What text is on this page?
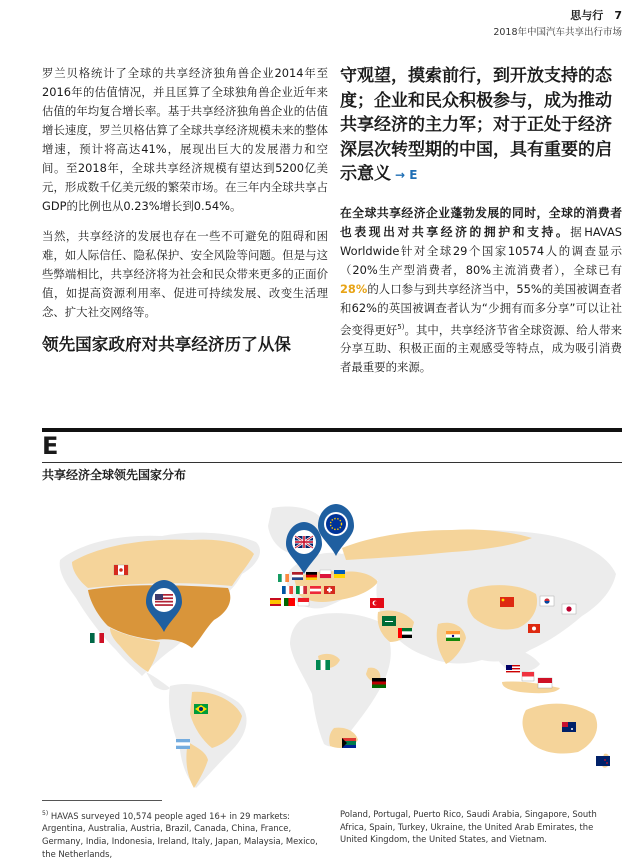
思与行 7
2018年中国汽车共享出行市场

罗兰贝格统计了全球的共享经济独角兽企业2014年至2016年的估值情况，并且匡算了全球独角兽企业近年来估值的年均复合增长率。基于共享经济独角兽企业的估值增长速度，罗兰贝格估算了全球共享经济规模未来的整体增速，预计将高达41%，展现出巨大的发展潜力和空间。至2018年，全球共享经济规模有望达到5200亿美元，形成数千亿美元级的繁荣市场。在三年内全球共享占GDP的比例也从0.23%增长到0.54%。

当然，共享经济的发展也存在一些不可避免的阻碍和困难，如人际信任、隐私保护、安全风险等问题。但是与这些弊端相比，共享经济将为社会和民众带来更多的正面价值，如提高资源利用率、促进可持续发展、改变生活理念、扩大社交网络等。

领先国家政府对共享经济历了从保

守观望，摸索前行，到开放支持的态度；企业和民众积极参与，成为推动共享经济的主力军；对于正处于经济深层次转型期的中国，具有重要的启示意义 → E

在全球共享经济企业蓬勃发展的同时，全球的消费者也表现出对共享经济的拥护和支持。据HAVAS Worldwide针对全球29个国家10574人的调查显示（20%生产型消费者，80%主流消费者），全球已有28%的人口参与到共享经济当中，55%的美国被调查者和62%的英国被调查者认为“少拥有而多分享”可以让社会变得更好$^{5)}$。其中，共享经济节省全球资源、给人带来分享互助、积极正面的主观感受等特点，成为吸引消费者最重要的来源。

E
共享经济全球领先国家分布
$^{5)}$ HAVAS surveyed 10,574 people aged 16+ in 29 markets: Argentina, Australia, Austria, Brazil, Canada, China, France, Germany, India, Indonesia, Ireland, Italy, Japan, Malaysia, Mexico, the Netherlands,
Poland, Portugal, Puerto Rico, Saudi Arabia, Singapore, South Africa, Spain, Turkey, Ukraine, the United Arab Emirates, the United Kingdom, the United States, and Vietnam.
